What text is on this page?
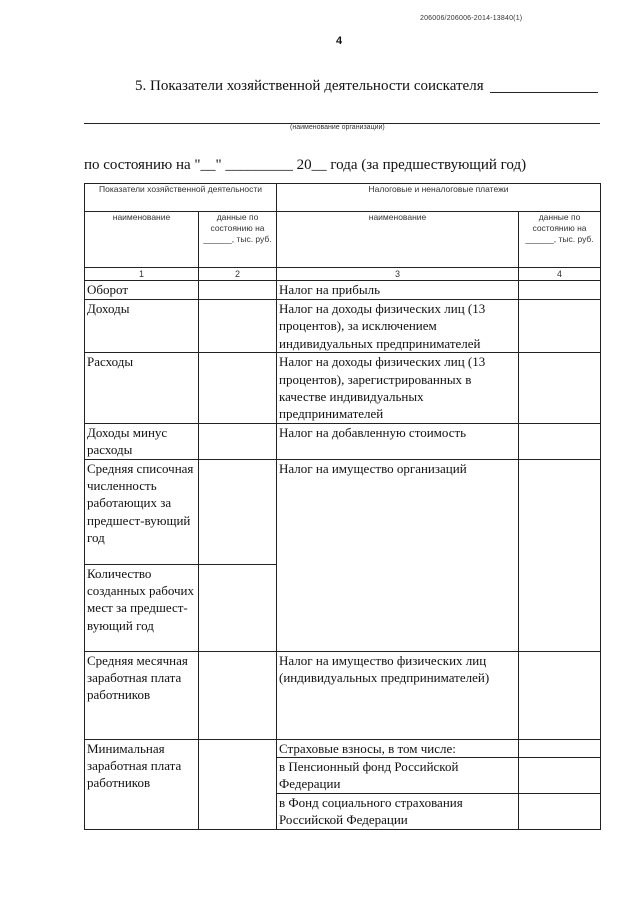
206006/206006-2014-13840(1)
4
5. Показатели хозяйственной деятельности соискателя
(наименование организации)
по состоянию на "__" _________ 20__ года (за предшествующий год)
Показатели хозяйственной деятельности		Налоговые и неналоговые платежи	
наименование	данные по состоянию на ______, тыс. руб.	наименование	данные по состоянию на ______, тыс. руб.
1	2	3	4
Оборот		Налог на прибыль	
Доходы		Налог на доходы физических лиц (13 процентов), за исключением индивидуальных предпринимателей	
Расходы		Налог на доходы физических лиц (13 процентов), зарегистрированных в качестве индивидуальных предпринимателей	
Доходы минус расходы		Налог на добавленную стоимость	
Средняя списочная численность работающих за предшест-вующий год		Налог на имущество организаций	
Количество созданных рабочих мест за предшест-вующий год			
Средняя месячная заработная плата работников		Налог на имущество физических лиц (индивидуальных предпринимателей)	
Минимальная заработная плата работников		Страховые взносы, в том числе:	
		в Пенсионный фонд Российской Федерации	
		в Фонд социального страхования Российской Федерации	
